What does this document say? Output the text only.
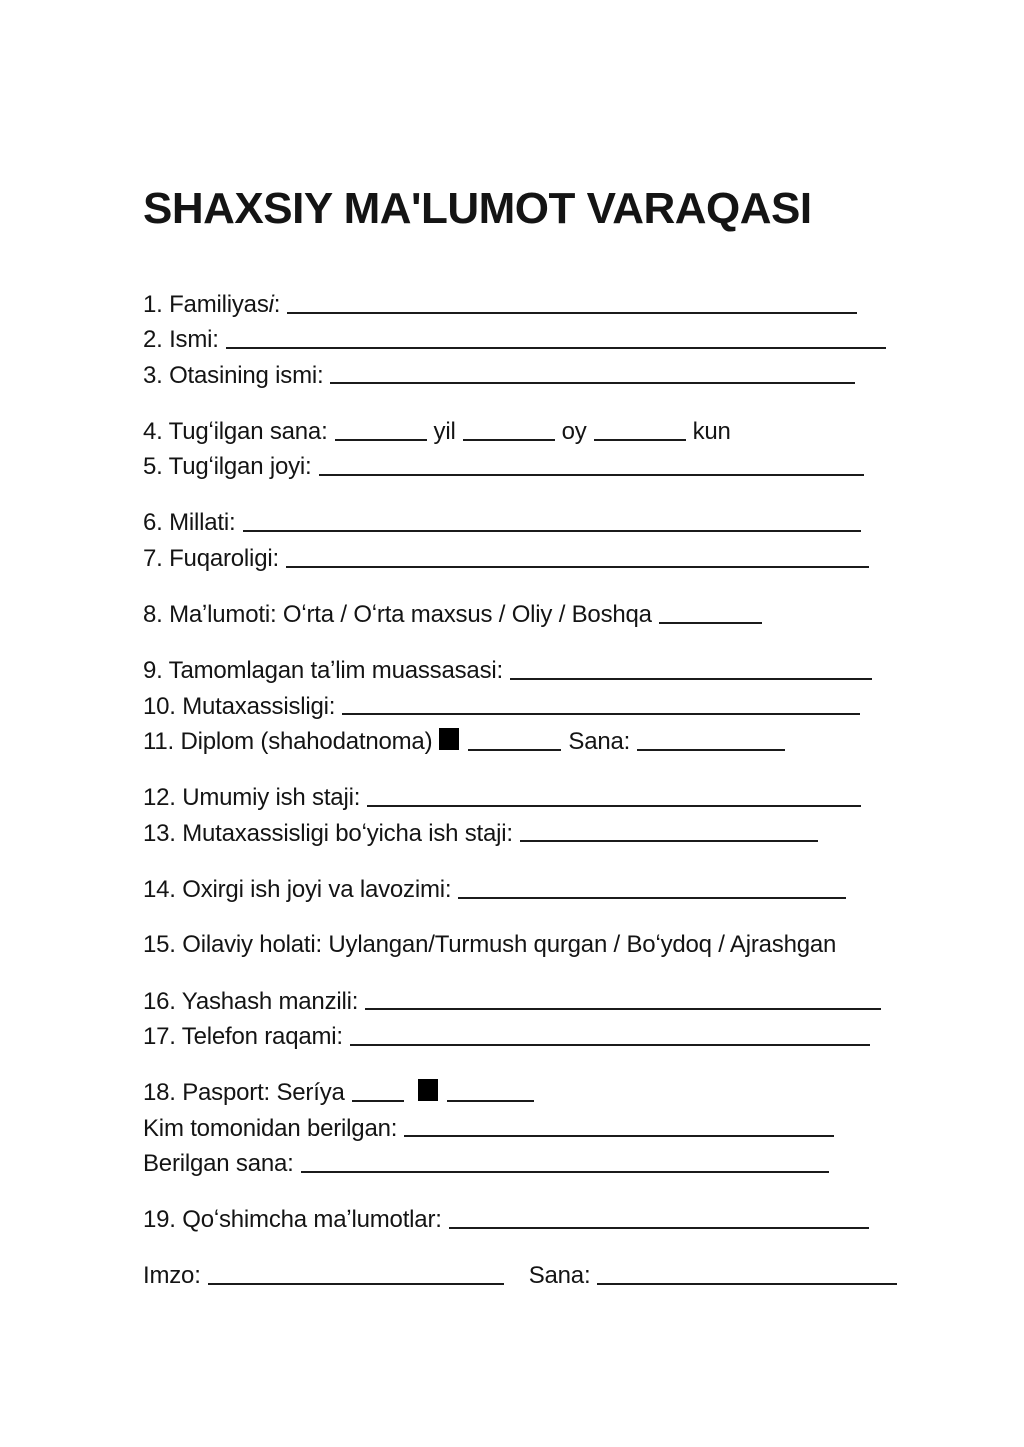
SHAXSIY MA'LUMOT VARAQASI
1. Familiyasi:
2. Ismi:
3. Otasining ismi:
4. Tugʻilgan sana:	yil	oy	kun
5. Tugʻilgan joyi:
6. Millati:
7. Fuqaroligi:
8. Maʼlumoti: Oʻrta / Oʻrta maxsus / Oliy / Boshqa
9. Tamomlagan taʼlim muassasasi:
10. Mutaxassisligi:
11. Diplom (shahodatnoma)	Sana:
12. Umumiy ish staji:
13. Mutaxassisligi boʻyicha ish staji:
14. Oxirgi ish joyi va lavozimi:
15. Oilaviy holati: Uylangan/Turmush qurgan / Boʻydoq / Ajrashgan
16. Yashash manzili:
17. Telefon raqami:
18. Pasport: Seríya
Kim tomonidan berilgan:
Berilgan sana:
19. Qoʻshimcha maʼlumotlar:
Imzo:	Sana:
